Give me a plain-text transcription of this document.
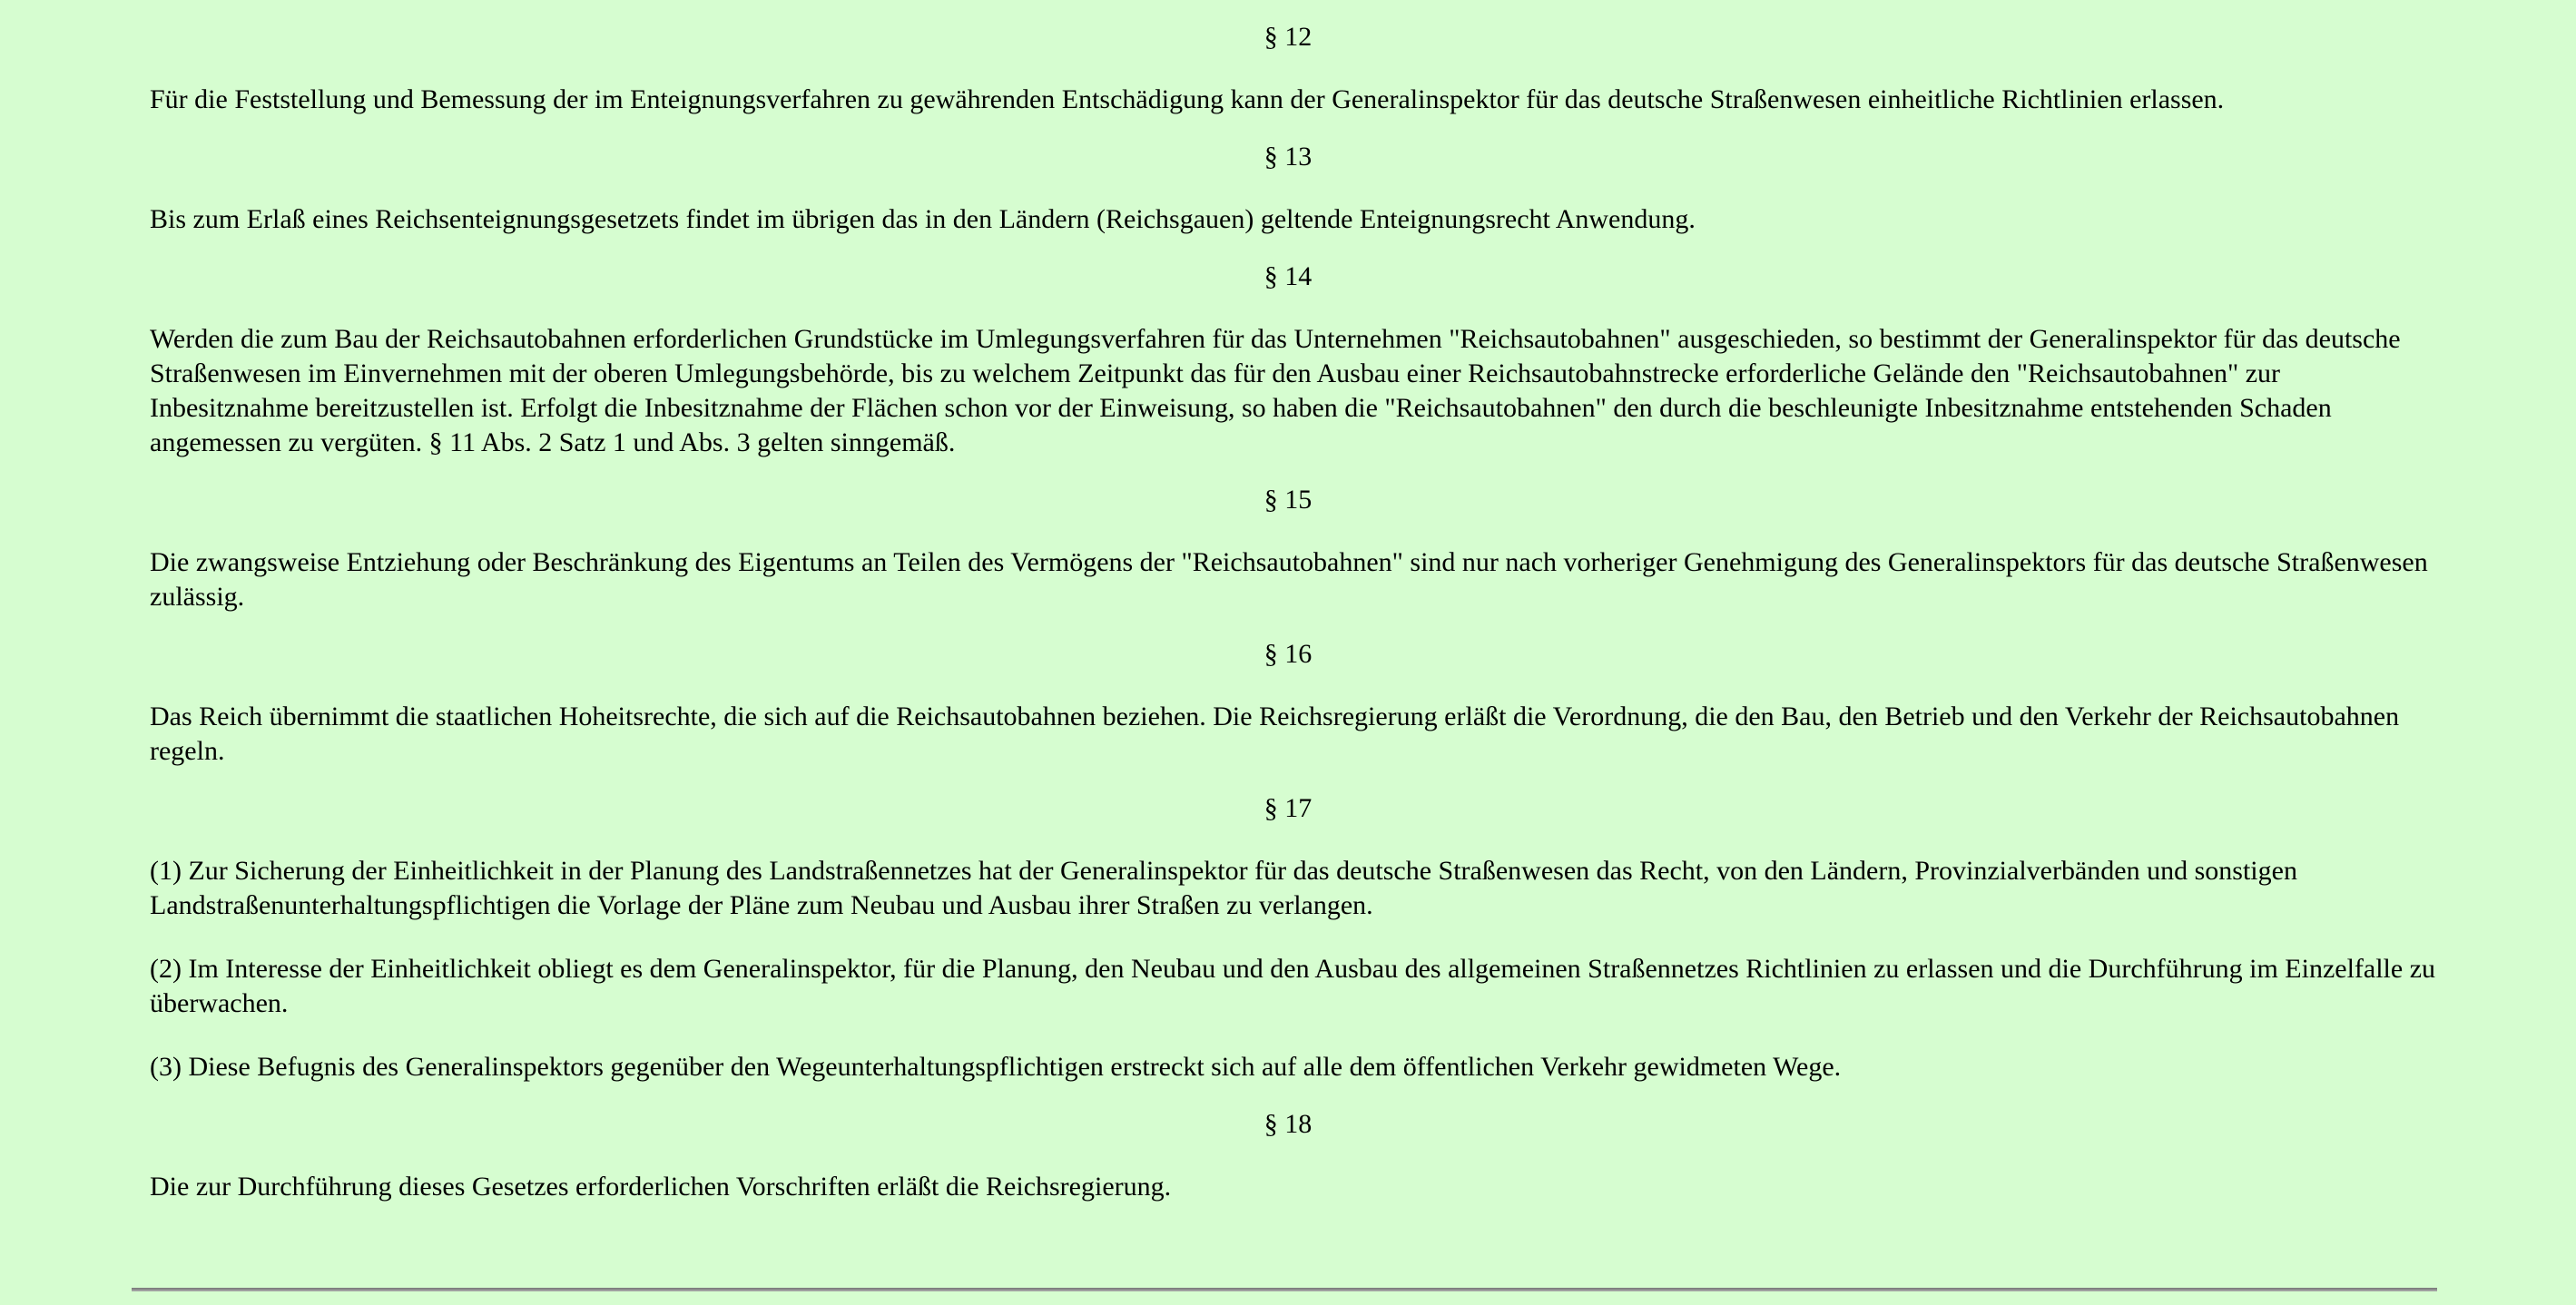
§ 12

Für die Feststellung und Bemessung der im Enteignungsverfahren zu gewährenden Entschädigung kann der Generalinspektor für das deutsche Straßenwesen einheitliche Richtlinien erlassen.

§ 13

Bis zum Erlaß eines Reichsenteignungsgesetzets findet im übrigen das in den Ländern (Reichsgauen) geltende Enteignungsrecht Anwendung.

§ 14

Werden die zum Bau der Reichsautobahnen erforderlichen Grundstücke im Umlegungsverfahren für das Unternehmen "Reichsautobahnen" ausgeschieden, so bestimmt der Generalinspektor für das deutsche Straßenwesen im Einvernehmen mit der oberen Umlegungsbehörde, bis zu welchem Zeitpunkt das für den Ausbau einer Reichsautobahnstrecke erforderliche Gelände den "Reichsautobahnen" zur Inbesitznahme bereitzustellen ist. Erfolgt die Inbesitznahme der Flächen schon vor der Einweisung, so haben die "Reichsautobahnen" den durch die beschleunigte Inbesitznahme entstehenden Schaden angemessen zu vergüten. § 11 Abs. 2 Satz 1 und Abs. 3 gelten sinngemäß.

§ 15

Die zwangsweise Entziehung oder Beschränkung des Eigentums an Teilen des Vermögens der "Reichsautobahnen" sind nur nach vorheriger Genehmigung des Generalinspektors für das deutsche Straßenwesen zulässig.

§ 16

Das Reich übernimmt die staatlichen Hoheitsrechte, die sich auf die Reichsautobahnen beziehen. Die Reichsregierung erläßt die Verordnung, die den Bau, den Betrieb und den Verkehr der Reichsautobahnen regeln.

§ 17

(1) Zur Sicherung der Einheitlichkeit in der Planung des Landstraßennetzes hat der Generalinspektor für das deutsche Straßenwesen das Recht, von den Ländern, Provinzialverbänden und sonstigen Landstraßenunterhaltungspflichtigen die Vorlage der Pläne zum Neubau und Ausbau ihrer Straßen zu verlangen.

(2) Im Interesse der Einheitlichkeit obliegt es dem Generalinspektor, für die Planung, den Neubau und den Ausbau des allgemeinen Straßennetzes Richtlinien zu erlassen und die Durchführung im Einzelfalle zu überwachen.

(3) Diese Befugnis des Generalinspektors gegenüber den Wegeunterhaltungspflichtigen erstreckt sich auf alle dem öffentlichen Verkehr gewidmeten Wege.

§ 18

Die zur Durchführung dieses Gesetzes erforderlichen Vorschriften erläßt die Reichsregierung.
